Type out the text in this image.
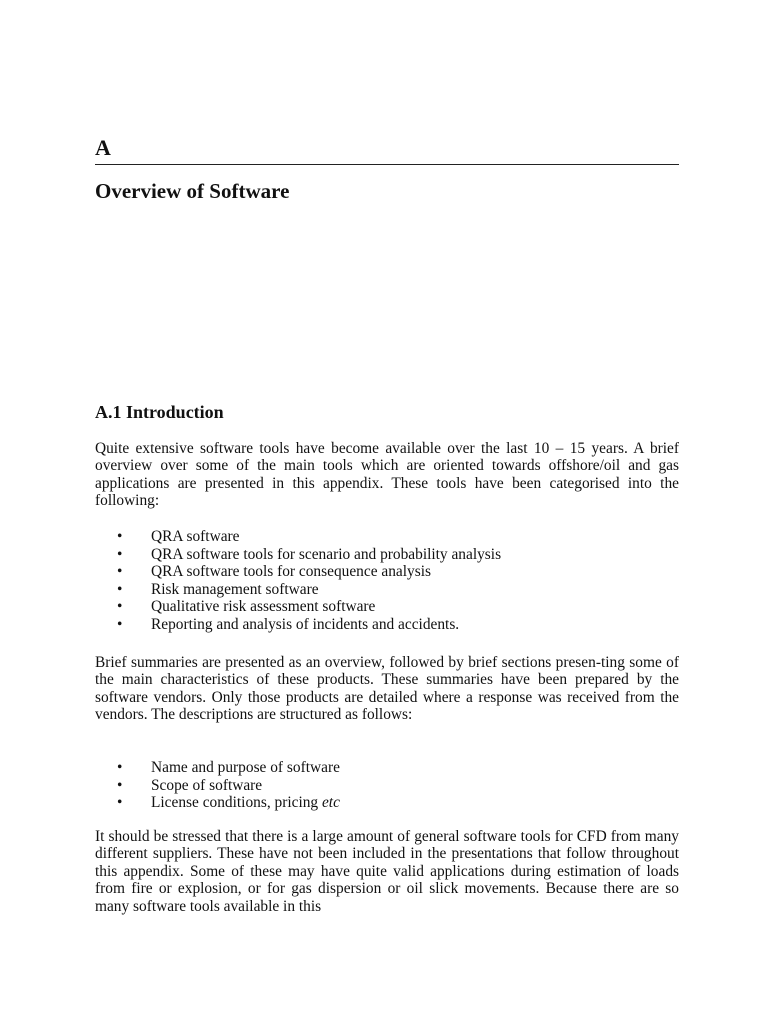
A
Overview of Software
A.1 Introduction

Quite extensive software tools have become available over the last 10 – 15 years. A brief overview over some of the main tools which are oriented towards offshore/oil and gas applications are presented in this appendix. These tools have been categorised into the following:

• QRA software
• QRA software tools for scenario and probability analysis
• QRA software tools for consequence analysis
• Risk management software
• Qualitative risk assessment software
• Reporting and analysis of incidents and accidents.

Brief summaries are presented as an overview, followed by brief sections presen-ting some of the main characteristics of these products. These summaries have been prepared by the software vendors. Only those products are detailed where a response was received from the vendors. The descriptions are structured as follows:

• Name and purpose of software
• Scope of software
• License conditions, pricing etc

It should be stressed that there is a large amount of general software tools for CFD from many different suppliers. These have not been included in the presentations that follow throughout this appendix. Some of these may have quite valid applications during estimation of loads from fire or explosion, or for gas dispersion or oil slick movements. Because there are so many software tools available in this
